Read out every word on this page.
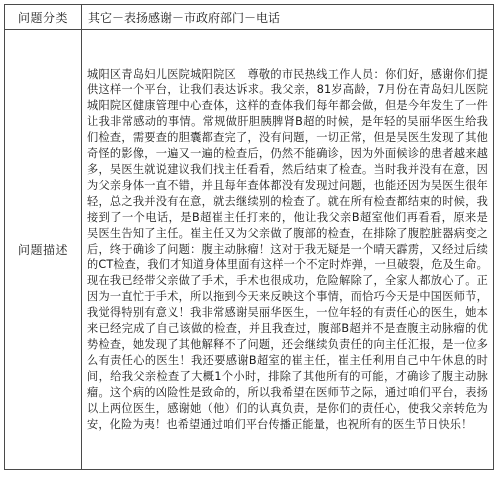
问题分类	其它－表扬感谢－市政府部门－电话
问题描述	城阳区青岛妇儿医院城阳院区　尊敬的市民热线工作人员：你们好，感谢你们提供这样一个平台，让我们表达诉求。我父亲，81岁高龄，7月份在青岛妇儿医院城阳院区健康管理中心查体，这样的查体我们每年都会做，但是今年发生了一件让我非常感动的事情。常规做肝胆胰脾肾B超的时候，是年轻的吴丽华医生给我们检查，需要查的胆囊都查完了，没有问题，一切正常，但是吴医生发现了其他奇怪的影像，一遍又一遍的检查后，仍然不能确诊，因为外面候诊的患者越来越多，吴医生就说建议我们找主任看看，然后结束了检查。当时我并没有在意，因为父亲身体一直不错，并且每年查体都没有发现过问题，也能还因为吴医生很年轻，总之我并没有在意，就去继续别的检查了。就在所有检查都结束的时候，我接到了一个电话，是B超崔主任打来的，他让我父亲B超室他们再看看，原来是吴医生告知了主任。崔主任又为父亲做了腹部的检查，在排除了腹腔脏器病变之后，终于确诊了问题：腹主动脉瘤！这对于我无疑是一个晴天霹雳，又经过后续的CT检查，我们才知道身体里面有这样一个不定时炸弹，一旦破裂，危及生命。现在我已经带父亲做了手术，手术也很成功，危险解除了，全家人都放心了。正因为一直忙于手术，所以拖到今天来反映这个事情，而恰巧今天是中国医师节，我觉得特别有意义！我非常感谢吴丽华医生，一位年轻的有责任心的医生，她本来已经完成了自己该做的检查，并且我查过，腹部B超并不是查腹主动脉瘤的优势检查，她发现了其他解释不了问题，还会继续负责任的向主任汇报，是一位多么有责任心的医生！我还要感谢B超室的崔主任，崔主任利用自己中午休息的时间，给我父亲检查了大概1个小时，排除了其他所有的可能，才确诊了腹主动脉瘤。这个病的凶险性是致命的，所以我希望在医师节之际，通过咱们平台，表扬以上两位医生，感谢她（他）们的认真负责，是你们的责任心，使我父亲转危为安，化险为夷！也希望通过咱们平台传播正能量，也祝所有的医生节日快乐！
